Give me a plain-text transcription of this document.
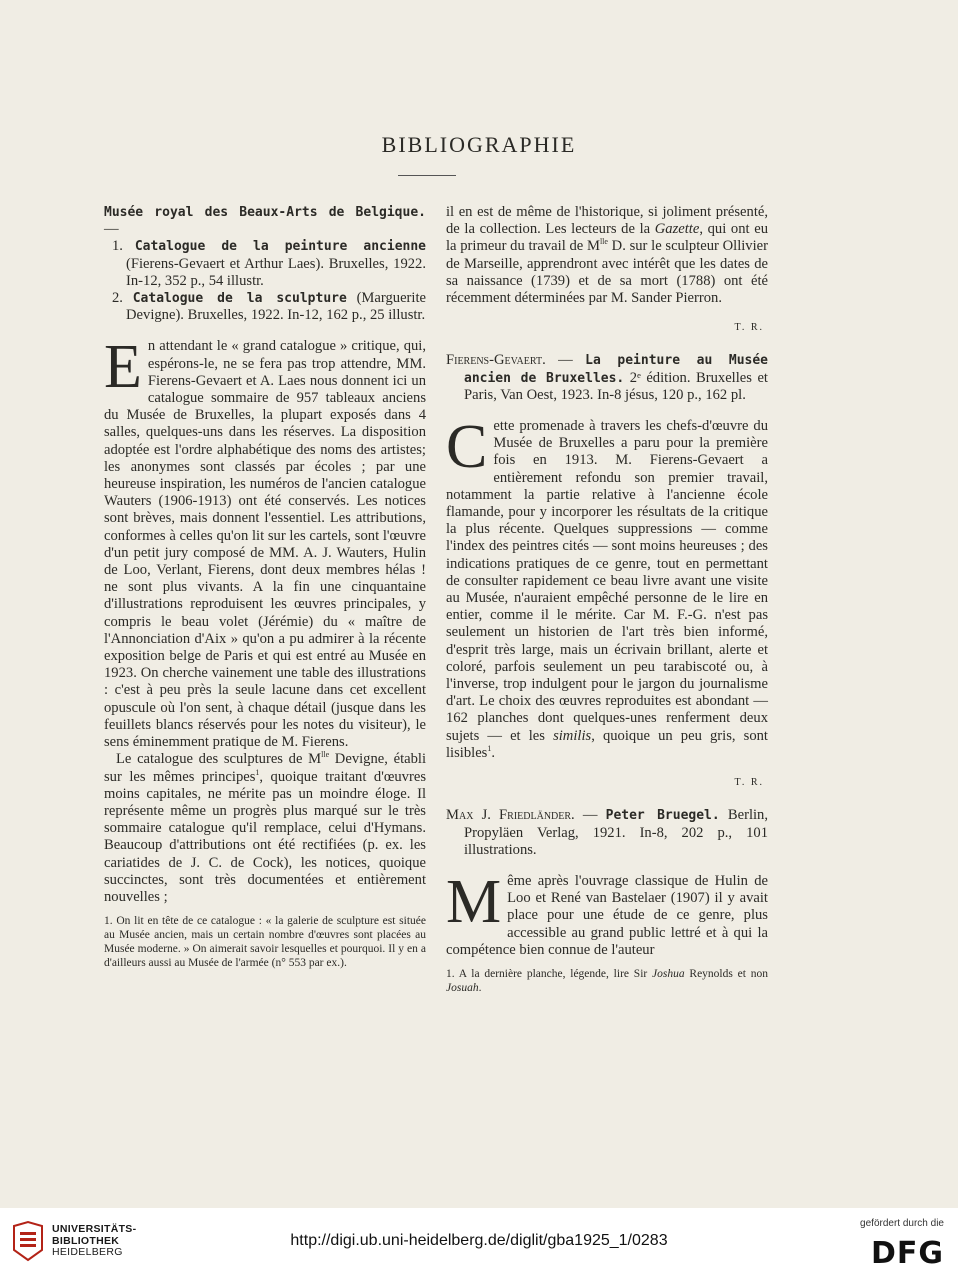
BIBLIOGRAPHIE

Musée royal des Beaux-Arts de Belgique. —

1. Catalogue de la peinture ancienne (Fierens-Gevaert et Arthur Laes). Bruxelles, 1922. In-12, 352 p., 54 illustr.

2. Catalogue de la sculpture (Marguerite Devigne). Bruxelles, 1922. In-12, 162 p., 25 illustr.

En attendant le « grand catalogue » critique, qui, espérons-le, ne se fera pas trop attendre, MM. Fierens-Gevaert et A. Laes nous donnent ici un catalogue sommaire de 957 tableaux anciens du Musée de Bruxelles, la plupart exposés dans 4 salles, quelques-uns dans les réserves. La disposition adoptée est l'ordre alphabétique des noms des artistes; les anonymes sont classés par écoles ; par une heureuse inspiration, les numéros de l'ancien catalogue Wauters (1906-1913) ont été conservés. Les notices sont brèves, mais donnent l'essentiel. Les attributions, conformes à celles qu'on lit sur les cartels, sont l'œuvre d'un petit jury composé de MM. A. J. Wauters, Hulin de Loo, Verlant, Fierens, dont deux membres hélas ! ne sont plus vivants. A la fin une cinquantaine d'illustrations reproduisent les œuvres principales, y compris le beau volet (Jérémie) du « maître de l'Annonciation d'Aix » qu'on a pu admirer à la récente exposition belge de Paris et qui est entré au Musée en 1923. On cherche vainement une table des illustrations : c'est à peu près la seule lacune dans cet excellent opuscule où l'on sent, à chaque détail (jusque dans les feuillets blancs réservés pour les notes du visiteur), le sens éminemment pratique de M. Fierens.

Le catalogue des sculptures de $M^{lle}$ Devigne, établi sur les mêmes principes$^1$, quoique traitant d'œuvres moins capitales, ne mérite pas un moindre éloge. Il représente même un progrès plus marqué sur le très sommaire catalogue qu'il remplace, celui d'Hymans. Beaucoup d'attributions ont été rectifiées (p. ex. les cariatides de J. C. de Cock), les notices, quoique succinctes, sont très documentées et entièrement nouvelles ;

1. On lit en tête de ce catalogue : « la galerie de sculpture est située au Musée ancien, mais un certain nombre d'œuvres sont placées au Musée moderne. » On aimerait savoir lesquelles et pourquoi. Il y en a d'ailleurs aussi au Musée de l'armée (n° 553 par ex.).

il en est de même de l'historique, si joliment présenté, de la collection. Les lecteurs de la Gazette, qui ont eu la primeur du travail de $M^{lle}$ D. sur le sculpteur Ollivier de Marseille, apprendront avec intérêt que les dates de sa naissance (1739) et de sa mort (1788) ont été récemment déterminées par M. Sander Pierron.

T. R.

Fierens-Gevaert. — La peinture au Musée ancien de Bruxelles. 2ᵉ édition. Bruxelles et Paris, Van Oest, 1923. In-8 jésus, 120 p., 162 pl.

Cette promenade à travers les chefs-d'œuvre du Musée de Bruxelles a paru pour la première fois en 1913. M. Fierens-Gevaert a entièrement refondu son premier travail, notamment la partie relative à l'ancienne école flamande, pour y incorporer les résultats de la critique la plus récente. Quelques suppressions — comme l'index des peintres cités — sont moins heureuses ; des indications pratiques de ce genre, tout en permettant de consulter rapidement ce beau livre avant une visite au Musée, n'auraient empêché personne de le lire en entier, comme il le mérite. Car M. F.-G. n'est pas seulement un historien de l'art très bien informé, d'esprit très large, mais un écrivain brillant, alerte et coloré, parfois seulement un peu tarabiscoté ou, à l'inverse, trop indulgent pour le jargon du journalisme d'art. Le choix des œuvres reproduites est abondant — 162 planches dont quelques-unes renferment deux sujets — et les similis, quoique un peu gris, sont lisibles$^1$.

T. R.

Max J. Friedländer. — Peter Bruegel. Berlin, Propyläen Verlag, 1921. In-8, 202 p., 101 illustrations.

Même après l'ouvrage classique de Hulin de Loo et René van Bastelaer (1907) il y avait place pour une étude de ce genre, plus accessible au grand public lettré et à qui la compétence bien connue de l'auteur

1. A la dernière planche, légende, lire Sir Joshua Reynolds et non Josuah.

UNIVERSITÄTS-
BIBLIOTHEK
HEIDELBERG
http://digi.ub.uni-heidelberg.de/diglit/gba1925_1/0283
gefördert durch die
DFG
